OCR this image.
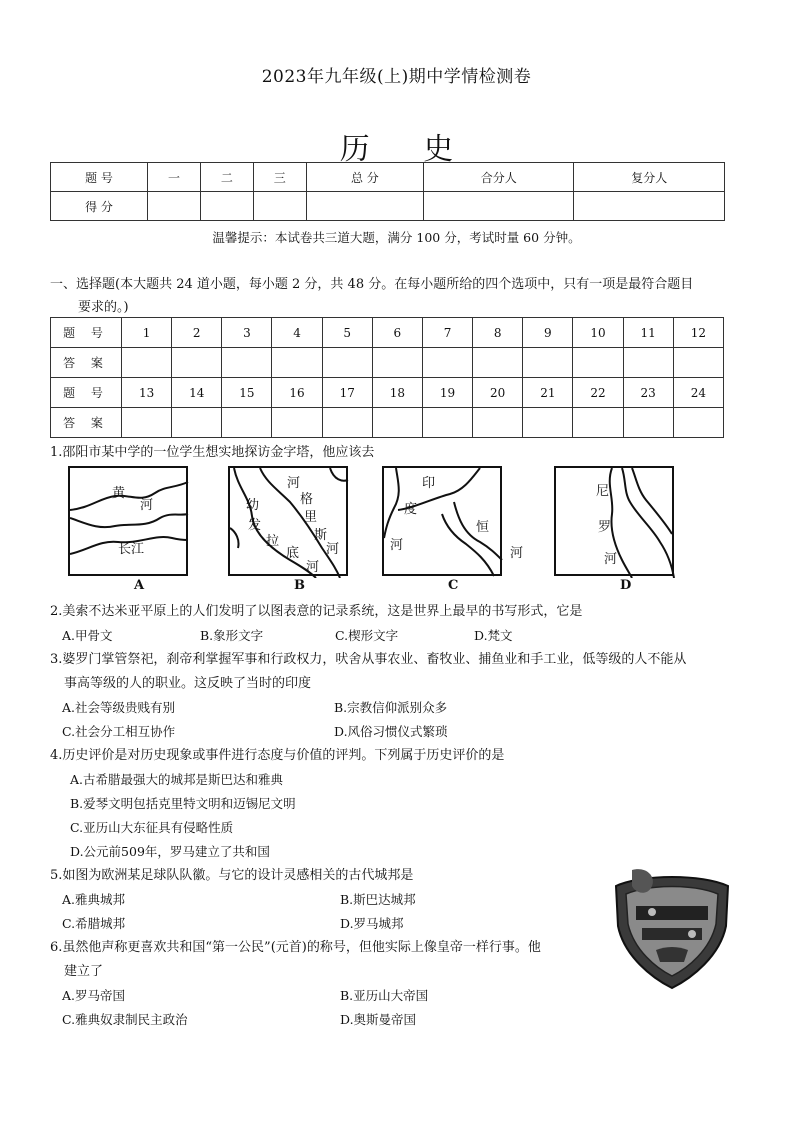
2023年九年级(上)期中学情检测卷
历 史
题 号	一	二	三	总 分	合分人	复分人
得 分						
温馨提示：本试卷共三道大题，满分 100 分，考试时量 60 分钟。
一、选择题(本大题共 24 道小题，每小题 2 分，共 48 分。在每小题所给的四个选项中，只有一项是最符合题目
要求的。)
题 号	1	2	3	4	5	6	7	8	9	10	11	12
答 案												
题 号	13	14	15	16	17	18	19	20	21	22	23	24
答 案												
1.邵阳市某中学的一位学生想实地探访金字塔，他应该去
黄
河
长江
A
河
幼
发
拉
底
河
格
里
斯
河
B
印
度
河
恒
河
C
尼
罗
河
D
2.美索不达米亚平原上的人们发明了以图表意的记录系统，这是世界上最早的书写形式，它是
A.甲骨文	B.象形文字	C.楔形文字	D.梵文
3.婆罗门掌管祭祀，刹帝利掌握军事和行政权力，吠舍从事农业、畜牧业、捕鱼业和手工业，低等级的人不能从
事高等级的人的职业。这反映了当时的印度
A.社会等级贵贱有别	B.宗教信仰派别众多
C.社会分工相互协作	D.风俗习惯仪式繁琐
4.历史评价是对历史现象或事件进行态度与价值的评判。下列属于历史评价的是
A.古希腊最强大的城邦是斯巴达和雅典
B.爱琴文明包括克里特文明和迈锡尼文明
C.亚历山大东征具有侵略性质
D.公元前509年，罗马建立了共和国
5.如图为欧洲某足球队队徽。与它的设计灵感相关的古代城邦是
A.雅典城邦	B.斯巴达城邦
C.希腊城邦	D.罗马城邦
6.虽然他声称更喜欢共和国“第一公民”(元首)的称号，但他实际上像皇帝一样行事。他
建立了
A.罗马帝国	B.亚历山大帝国
C.雅典奴隶制民主政治	D.奥斯曼帝国
